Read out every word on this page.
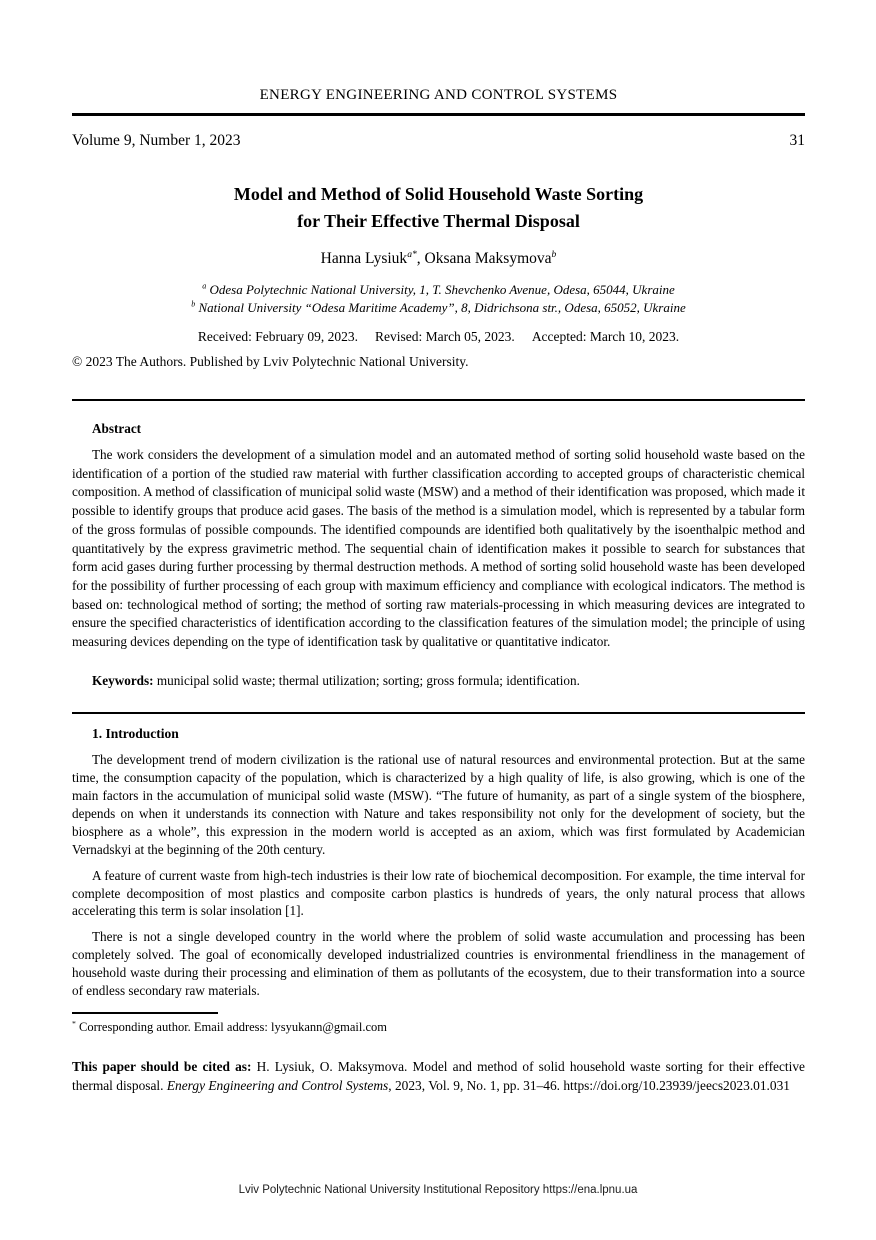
ENERGY ENGINEERING AND CONTROL SYSTEMS
Volume 9, Number 1, 2023	31
Model and Method of Solid Household Waste Sorting
for Their Effective Thermal Disposal
Hanna Lysiuk$^{a*}$, Oksana Maksymova$^b$
$^a$ Odesa Polytechnic National University, 1, T. Shevchenko Avenue, Odesa, 65044, Ukraine
$^b$ National University “Odesa Maritime Academy”, 8, Didrichsona str., Odesa, 65052, Ukraine
Received: February 09, 2023. Revised: March 05, 2023. Accepted: March 10, 2023.
© 2023 The Authors. Published by Lviv Polytechnic National University.
Abstract
The work considers the development of a simulation model and an automated method of sorting solid household waste based on the identification of a portion of the studied raw material with further classification according to accepted groups of characteristic chemical composition. A method of classification of municipal solid waste (MSW) and a method of their identification was proposed, which made it possible to identify groups that produce acid gases. The basis of the method is a simulation model, which is represented by a tabular form of the gross formulas of possible compounds. The identified compounds are identified both qualitatively by the isoenthalpic method and quantitatively by the express gravimetric method. The sequential chain of identification makes it possible to search for substances that form acid gases during further processing by thermal destruction methods. A method of sorting solid household waste has been developed for the possibility of further processing of each group with maximum efficiency and compliance with ecological indicators. The method is based on: technological method of sorting; the method of sorting raw materials-processing in which measuring devices are integrated to ensure the specified characteristics of identification according to the classification features of the simulation model; the principle of using measuring devices depending on the type of identification task by qualitative or quantitative indicator.
Keywords: municipal solid waste; thermal utilization; sorting; gross formula; identification.
1. Introduction
The development trend of modern civilization is the rational use of natural resources and environmental protection. But at the same time, the consumption capacity of the population, which is characterized by a high quality of life, is also growing, which is one of the main factors in the accumulation of municipal solid waste (MSW). “The future of humanity, as part of a single system of the biosphere, depends on when it understands its connection with Nature and takes responsibility not only for the development of society, but the biosphere as a whole”, this expression in the modern world is accepted as an axiom, which was first formulated by Academician Vernadskyi at the beginning of the 20th century.
A feature of current waste from high-tech industries is their low rate of biochemical decomposition. For example, the time interval for complete decomposition of most plastics and composite carbon plastics is hundreds of years, the only natural process that allows accelerating this term is solar insolation [1].
There is not a single developed country in the world where the problem of solid waste accumulation and processing has been completely solved. The goal of economically developed industrialized countries is environmental friendliness in the management of household waste during their processing and elimination of them as pollutants of the ecosystem, due to their transformation into a source of endless secondary raw materials.
* Corresponding author. Email address: lysyukann@gmail.com
This paper should be cited as: H. Lysiuk, O. Maksymova. Model and method of solid household waste sorting for their effective thermal disposal. Energy Engineering and Control Systems, 2023, Vol. 9, No. 1, pp. 31–46. https://doi.org/10.23939/jeecs2023.01.031
Lviv Polytechnic National University Institutional Repository https://ena.lpnu.ua
